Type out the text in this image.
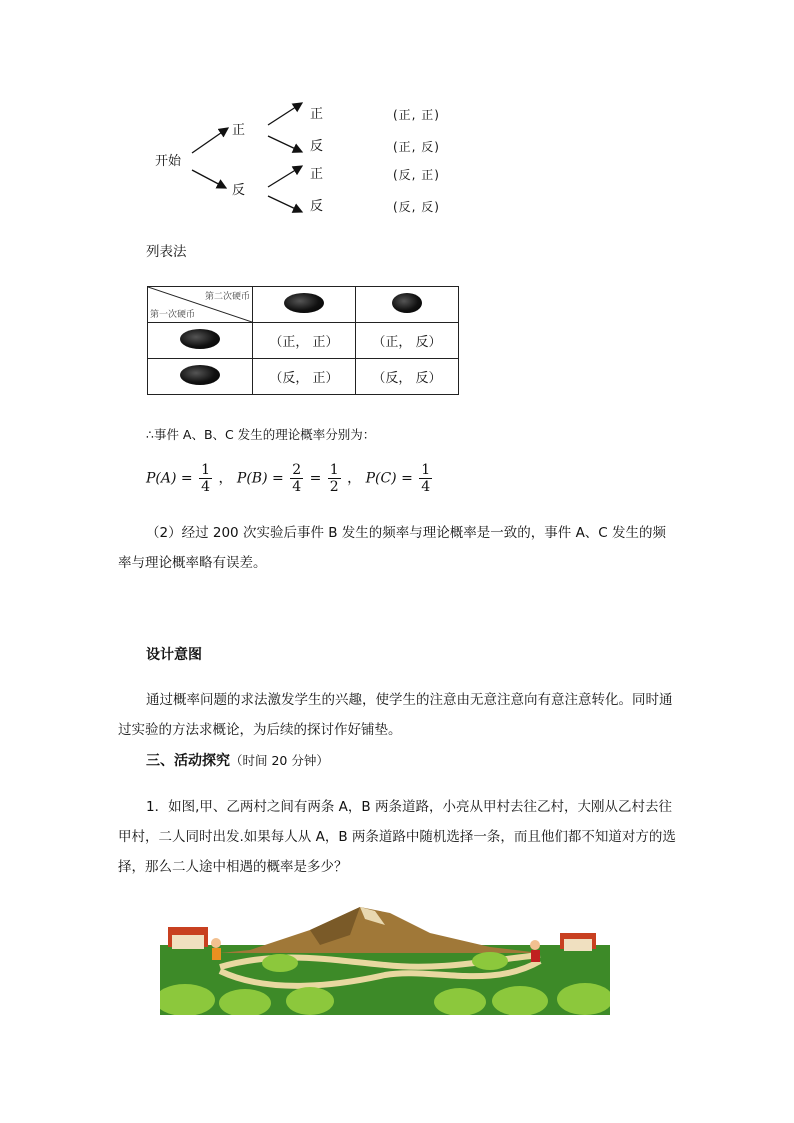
开始
正
反
正
反
正
反
(正, 正)
(正, 反)
(反, 正)
(反, 反)
列表法
第二次硬币
第一次硬币		

	（正， 正）	（正， 反）
	（反， 正）	（反， 反）
∴事件 A、B、C 发生的理论概率分别为：
$P(A) = \frac{1}{4}$ ， $P(B) = \frac{2}{4} = \frac{1}{2}$ ， $P(C) = \frac{1}{4}$
（2）经过 200 次实验后事件 B 发生的频率与理论概率是一致的，事件 A、C 发生的频率与理论概率略有误差。
设计意图
通过概率问题的求法激发学生的兴趣，使学生的注意由无意注意向有意注意转化。同时通过实验的方法求概论，为后续的探讨作好铺垫。
三、活动探究（时间 20 分钟）
1．如图,甲、乙两村之间有两条 A，B 两条道路，小亮从甲村去往乙村，大刚从乙村去往甲村，二人同时出发.如果每人从 A，B 两条道路中随机选择一条，而且他们都不知道对方的选择，那么二人途中相遇的概率是多少？
